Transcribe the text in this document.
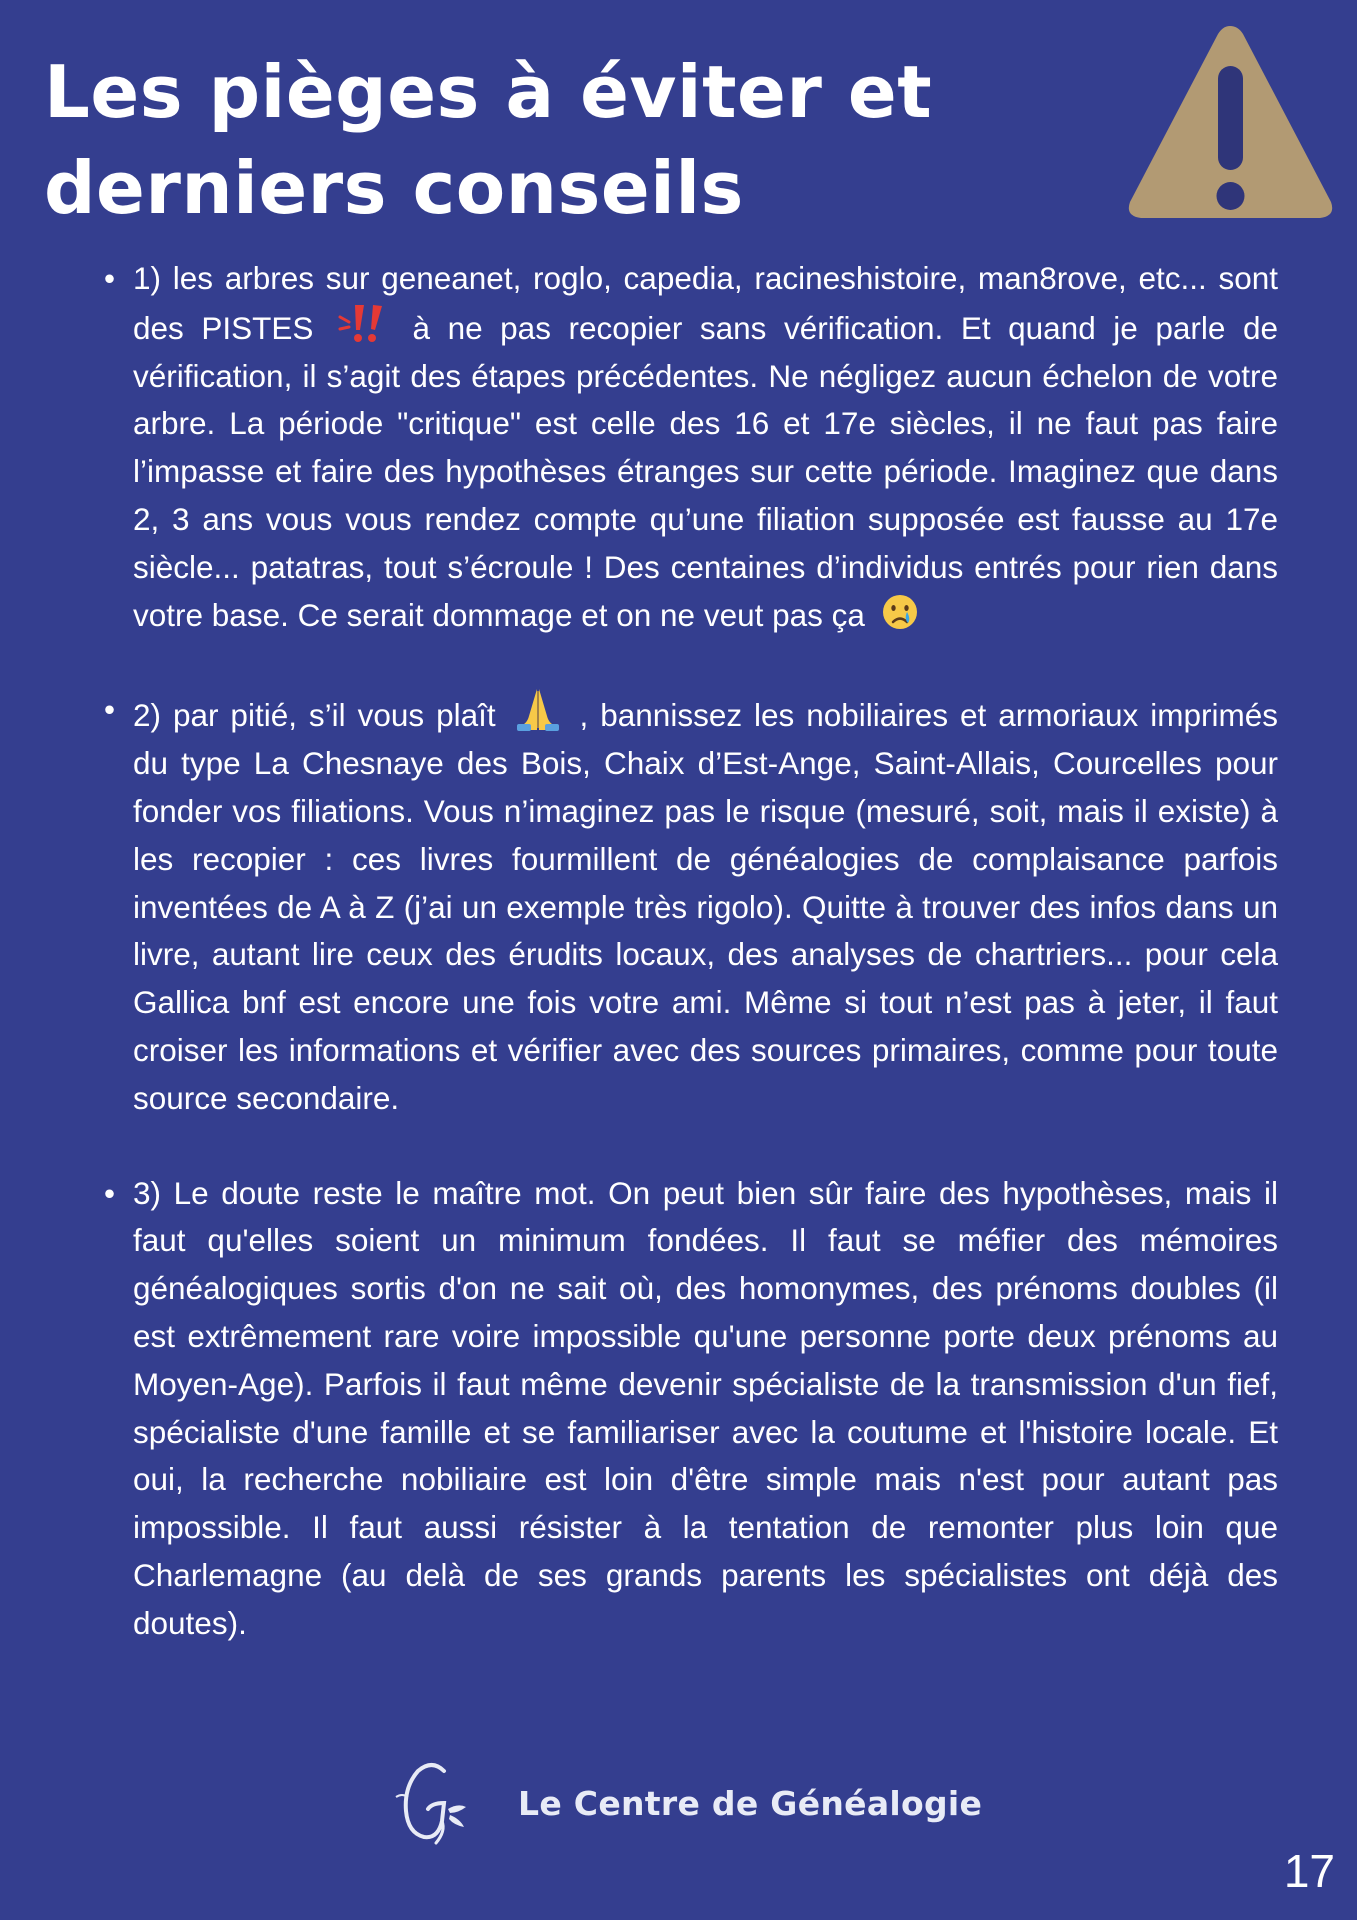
Les pièges à éviter et derniers conseils
• 1) les arbres sur geneanet, roglo, capedia, racineshistoire, man8rove, etc... sont des PISTES	à ne pas recopier sans vérification. Et quand je parle de vérification, il s’agit des étapes précédentes. Ne négligez aucun échelon de votre arbre. La période "critique" est celle des 16 et 17e siècles, il ne faut pas faire l’impasse et faire des hypothèses étranges sur cette période. Imaginez que dans 2, 3 ans vous vous rendez compte qu’une filiation supposée est fausse au 17e siècle... patatras, tout s’écroule ! Des centaines d’individus entrés pour rien dans votre base. Ce serait dommage et on ne veut pas ça
• 2) par pitié, s’il vous plaît	, bannissez les nobiliaires et armoriaux imprimés du type La Chesnaye des Bois, Chaix d’Est-Ange, Saint-Allais, Courcelles pour fonder vos filiations. Vous n’imaginez pas le risque (mesuré, soit, mais il existe) à les recopier : ces livres fourmillent de généalogies de complaisance parfois inventées de A à Z (j’ai un exemple très rigolo). Quitte à trouver des infos dans un livre, autant lire ceux des érudits locaux, des analyses de chartriers... pour cela Gallica bnf est encore une fois votre ami. Même si tout n’est pas à jeter, il faut croiser les informations et vérifier avec des sources primaires, comme pour toute source secondaire.
• 3) Le doute reste le maître mot. On peut bien sûr faire des hypothèses, mais il faut qu'elles soient un minimum fondées. Il faut se méfier des mémoires généalogiques sortis d'on ne sait où, des homonymes, des prénoms doubles (il est extrêmement rare voire impossible qu'une personne porte deux prénoms au Moyen-Age). Parfois il faut même devenir spécialiste de la transmission d'un fief, spécialiste d'une famille et se familiariser avec la coutume et l'histoire locale. Et oui, la recherche nobiliaire est loin d'être simple mais n'est pour autant pas impossible. Il faut aussi résister à la tentation de remonter plus loin que Charlemagne (au delà de ses grands parents les spécialistes ont déjà des doutes).
Le Centre de Généalogie
17
